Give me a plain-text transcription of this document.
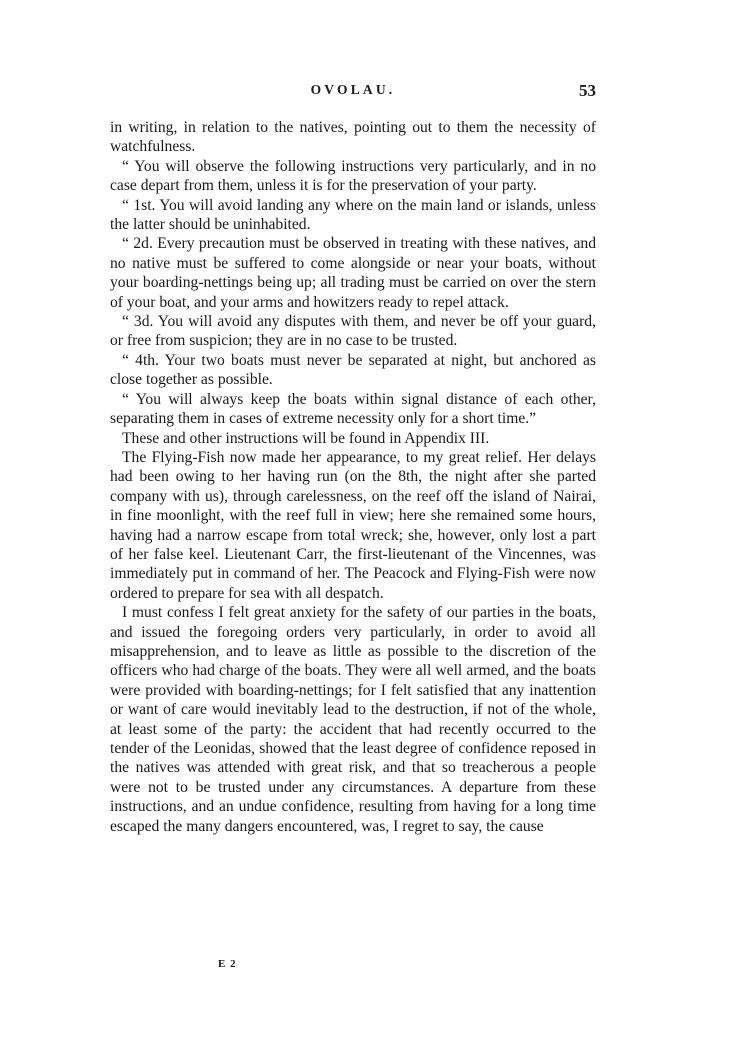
OVOLAU.	53

in writing, in relation to the natives, pointing out to them the necessity of watchfulness.

“ You will observe the following instructions very particularly, and in no case depart from them, unless it is for the preservation of your party.

“ 1st. You will avoid landing any where on the main land or islands, unless the latter should be uninhabited.

“ 2d. Every precaution must be observed in treating with these natives, and no native must be suffered to come alongside or near your boats, without your boarding-nettings being up; all trading must be carried on over the stern of your boat, and your arms and howitzers ready to repel attack.

“ 3d. You will avoid any disputes with them, and never be off your guard, or free from suspicion; they are in no case to be trusted.

“ 4th. Your two boats must never be separated at night, but anchored as close together as possible.

“ You will always keep the boats within signal distance of each other, separating them in cases of extreme necessity only for a short time.”

These and other instructions will be found in Appendix III.

The Flying-Fish now made her appearance, to my great relief. Her delays had been owing to her having run (on the 8th, the night after she parted company with us), through carelessness, on the reef off the island of Nairai, in fine moonlight, with the reef full in view; here she remained some hours, having had a narrow escape from total wreck; she, however, only lost a part of her false keel. Lieutenant Carr, the first-lieutenant of the Vincennes, was immediately put in command of her. The Peacock and Flying-Fish were now ordered to prepare for sea with all despatch.

I must confess I felt great anxiety for the safety of our parties in the boats, and issued the foregoing orders very particularly, in order to avoid all misapprehension, and to leave as little as possible to the discretion of the officers who had charge of the boats. They were all well armed, and the boats were provided with boarding-nettings; for I felt satisfied that any inattention or want of care would inevitably lead to the destruction, if not of the whole, at least some of the party: the accident that had recently occurred to the tender of the Leonidas, showed that the least degree of confidence reposed in the natives was attended with great risk, and that so treacherous a people were not to be trusted under any circumstances. A departure from these instructions, and an undue confidence, resulting from having for a long time escaped the many dangers encountered, was, I regret to say, the cause

E 2
